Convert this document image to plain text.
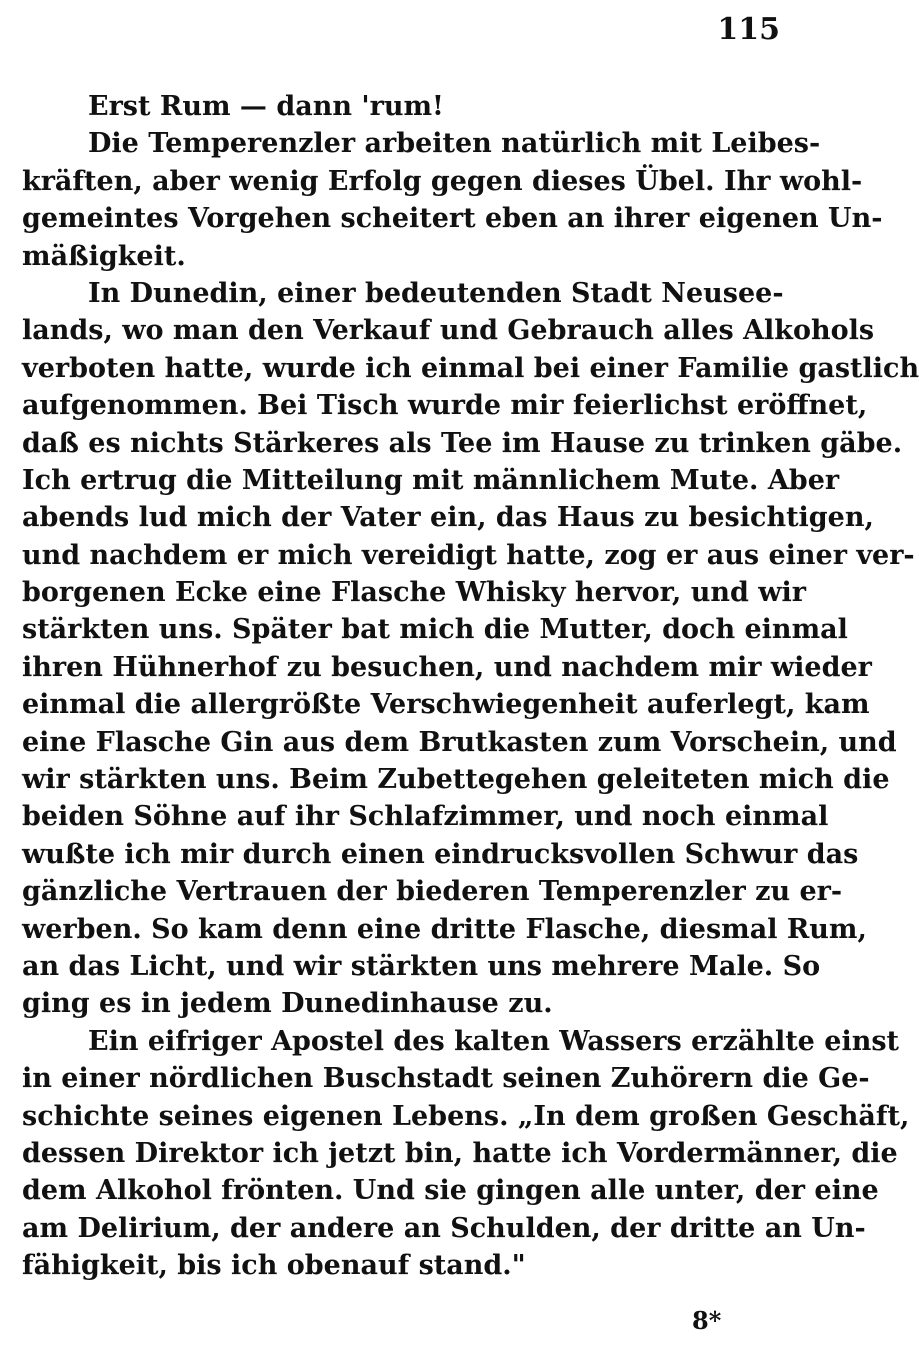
115
Erst Rum — dann 'rum!
Die Temperenzler arbeiten natürlich mit Leibes-
kräften, aber wenig Erfolg gegen dieses Übel. Ihr wohl-
gemeintes Vorgehen scheitert eben an ihrer eigenen Un-
mäßigkeit.
In Dunedin, einer bedeutenden Stadt Neusee-
lands, wo man den Verkauf und Gebrauch alles Alkohols
verboten hatte, wurde ich einmal bei einer Familie gastlich
aufgenommen. Bei Tisch wurde mir feierlichst eröffnet,
daß es nichts Stärkeres als Tee im Hause zu trinken gäbe.
Ich ertrug die Mitteilung mit männlichem Mute. Aber
abends lud mich der Vater ein, das Haus zu besichtigen,
und nachdem er mich vereidigt hatte, zog er aus einer ver-
borgenen Ecke eine Flasche Whisky hervor, und wir
stärkten uns. Später bat mich die Mutter, doch einmal
ihren Hühnerhof zu besuchen, und nachdem mir wieder
einmal die allergrößte Verschwiegenheit auferlegt, kam
eine Flasche Gin aus dem Brutkasten zum Vorschein, und
wir stärkten uns. Beim Zubettegehen geleiteten mich die
beiden Söhne auf ihr Schlafzimmer, und noch einmal
wußte ich mir durch einen eindrucksvollen Schwur das
gänzliche Vertrauen der biederen Temperenzler zu er-
werben. So kam denn eine dritte Flasche, diesmal Rum,
an das Licht, und wir stärkten uns mehrere Male. So
ging es in jedem Dunedinhause zu.
Ein eifriger Apostel des kalten Wassers erzählte einst
in einer nördlichen Buschstadt seinen Zuhörern die Ge-
schichte seines eigenen Lebens. „In dem großen Geschäft,
dessen Direktor ich jetzt bin, hatte ich Vordermänner, die
dem Alkohol frönten. Und sie gingen alle unter, der eine
am Delirium, der andere an Schulden, der dritte an Un-
fähigkeit, bis ich obenauf stand."
8*
